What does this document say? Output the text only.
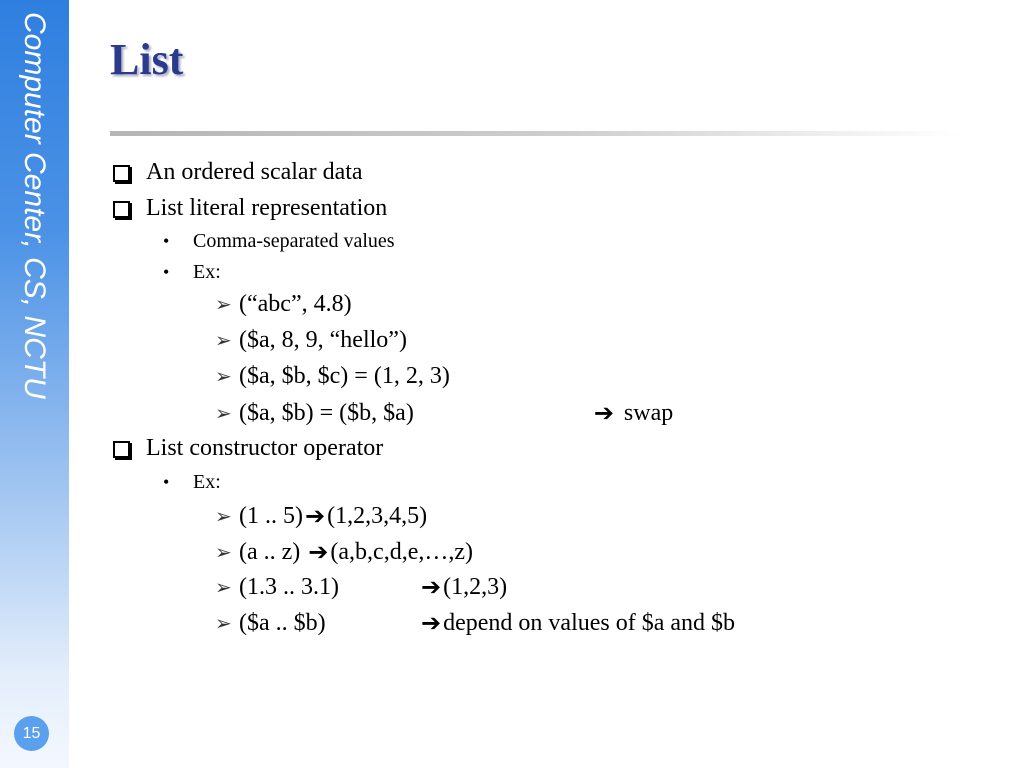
Computer Center, CS, NCTU
15
List
An ordered scalar data
List literal representation
•	Comma-separated values
•	Ex:
➢ (“abc”, 4.8)
➢ ($a, 8, 9, “hello”)
➢ ($a, $b, $c) = (1, 2, 3)
➢ ($a, $b) = ($b, $a)	➔ swap
List constructor operator
•	Ex:
➢ (1 .. 5) ➔ (1,2,3,4,5)
➢ (a .. z) ➔ (a,b,c,d,e,…,z)
➢ (1.3 .. 3.1)	➔ (1,2,3)
➢ ($a .. $b)	➔ depend on values of $a and $b
